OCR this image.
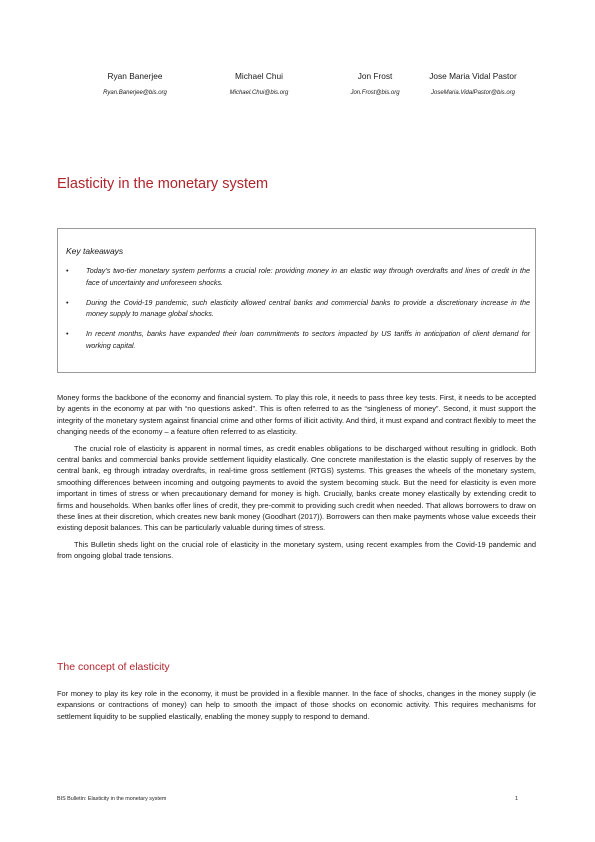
Ryan Banerjee
Ryan.Banerjee@bis.org
Michael Chui
Michael.Chui@bis.org
Jon Frost
Jon.Frost@bis.org
Jose Maria Vidal Pastor
JoseMaria.VidalPastor@bis.org
Elasticity in the monetary system
Key takeaways
• Today’s two-tier monetary system performs a crucial role: providing money in an elastic way through overdrafts and lines of credit in the face of uncertainty and unforeseen shocks.
• During the Covid-19 pandemic, such elasticity allowed central banks and commercial banks to provide a discretionary increase in the money supply to manage global shocks.
• In recent months, banks have expanded their loan commitments to sectors impacted by US tariffs in anticipation of client demand for working capital.

Money forms the backbone of the economy and financial system. To play this role, it needs to pass three key tests. First, it needs to be accepted by agents in the economy at par with “no questions asked”. This is often referred to as the “singleness of money”. Second, it must support the integrity of the monetary system against financial crime and other forms of illicit activity. And third, it must expand and contract flexibly to meet the changing needs of the economy – a feature often referred to as elasticity.

The crucial role of elasticity is apparent in normal times, as credit enables obligations to be discharged without resulting in gridlock. Both central banks and commercial banks provide settlement liquidity elastically. One concrete manifestation is the elastic supply of reserves by the central bank, eg through intraday overdrafts, in real-time gross settlement (RTGS) systems. This greases the wheels of the monetary system, smoothing differences between incoming and outgoing payments to avoid the system becoming stuck. But the need for elasticity is even more important in times of stress or when precautionary demand for money is high. Crucially, banks create money elastically by extending credit to firms and households. When banks offer lines of credit, they pre-commit to providing such credit when needed. That allows borrowers to draw on these lines at their discretion, which creates new bank money (Goodhart (2017)). Borrowers can then make payments whose value exceeds their existing deposit balances. This can be particularly valuable during times of stress.

This Bulletin sheds light on the crucial role of elasticity in the monetary system, using recent examples from the Covid-19 pandemic and from ongoing global trade tensions.

The concept of elasticity

For money to play its key role in the economy, it must be provided in a flexible manner. In the face of shocks, changes in the money supply (ie expansions or contractions of money) can help to smooth the impact of those shocks on economic activity. This requires mechanisms for settlement liquidity to be supplied elastically, enabling the money supply to respond to demand.

BIS Bulletin: Elasticity in the monetary system	1
